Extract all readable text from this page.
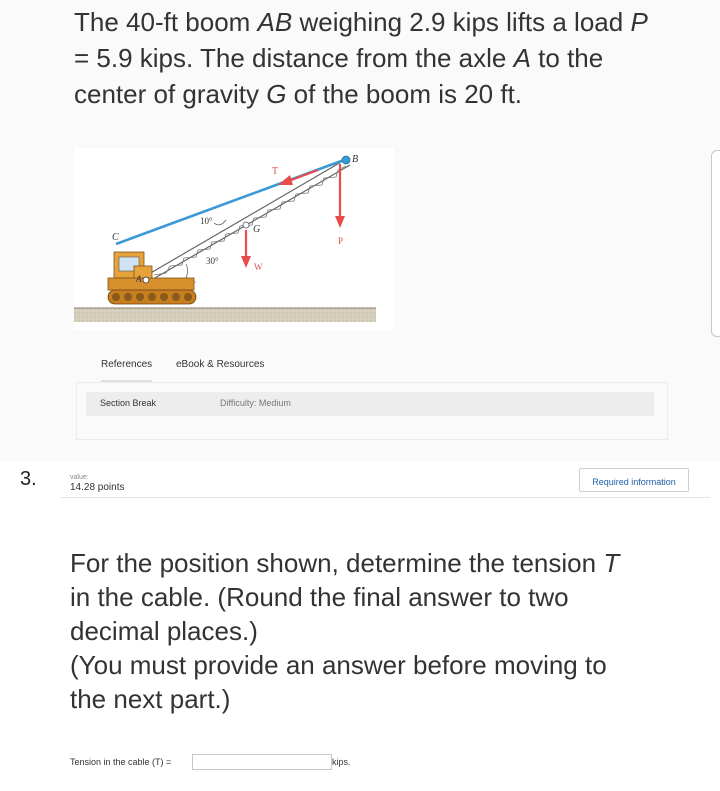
The 40-ft boom AB weighing 2.9 kips lifts a load P
= 5.9 kips. The distance from the axle A to the
center of gravity G of the boom is 20 ft.
B
T
P
G
W
C
A
10°
30°
References eBook & Resources
Section Break	Difficulty: Medium
3.	value:
14.28 points	Required information
For the position shown, determine the tension T
in the cable. (Round the final answer to two
decimal places.)
(You must provide an answer before moving to
the next part.)
Tension in the cable (T) =	kips.
